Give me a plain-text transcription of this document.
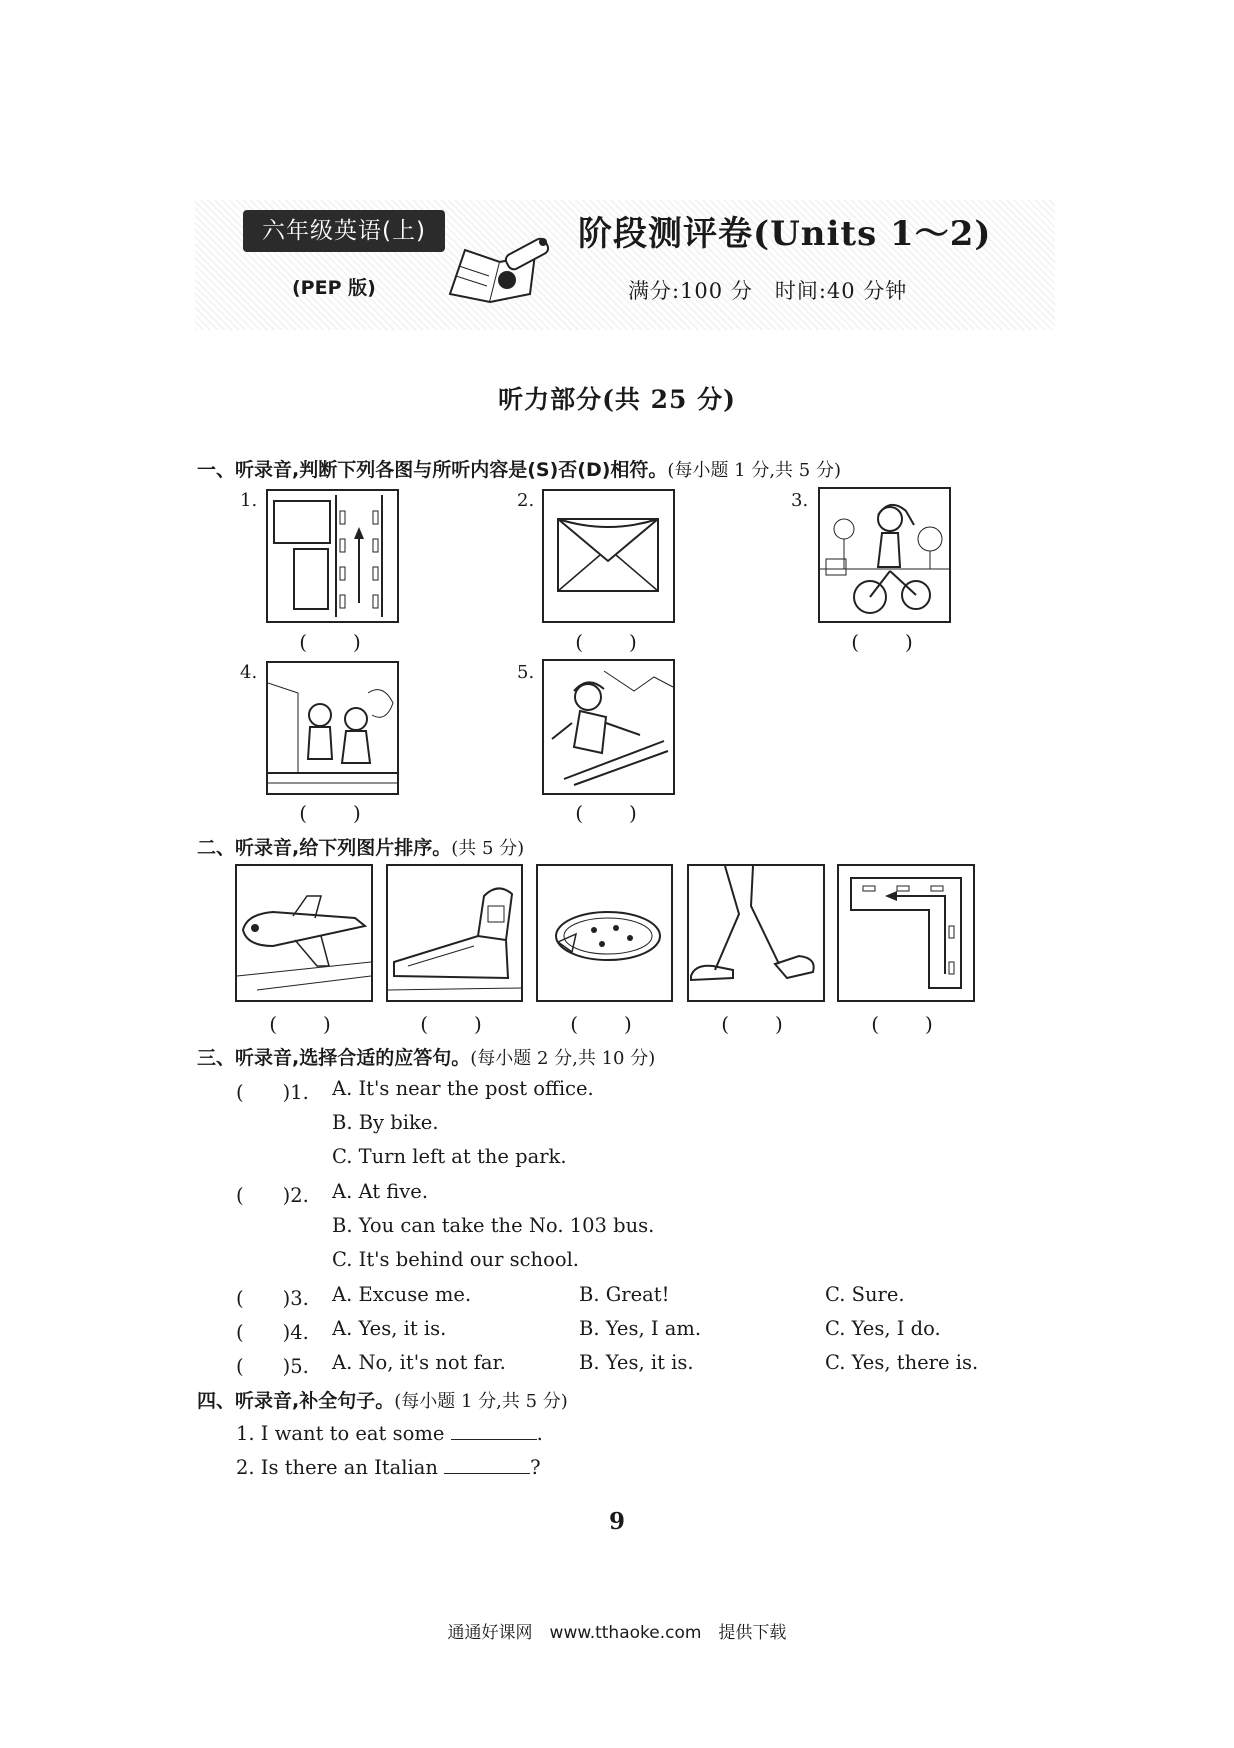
六年级英语(上)
(PEP 版)
阶段测评卷(Units 1～2)
满分:100 分　时间:40 分钟
听力部分(共 25 分)
一、听录音,判断下列各图与所听内容是(S)否(D)相符。(每小题 1 分,共 5 分)
1.
(　　)
2.
(　　)
3.
(　　)
4.
(　　)
5.
(　　)
二、听录音,给下列图片排序。(共 5 分)
(　　)	(　　)	(　　)	(　　)	(　　)
三、听录音,选择合适的应答句。(每小题 2 分,共 10 分)
(　　)1. A. It's near the post office.
B. By bike.
C. Turn left at the park.
(　　)2. A. At five.
B. You can take the No. 103 bus.
C. It's behind our school.
(　　)3. A. Excuse me.	B. Great!	C. Sure.
(　　)4. A. Yes, it is.	B. Yes, I am.	C. Yes, I do.
(　　)5. A. No, it's not far.	B. Yes, it is.	C. Yes, there is.
四、听录音,补全句子。(每小题 1 分,共 5 分)
1. I want to eat some	.
2. Is there an Italian	?
9
通通好课网　www.tthaoke.com　提供下载
